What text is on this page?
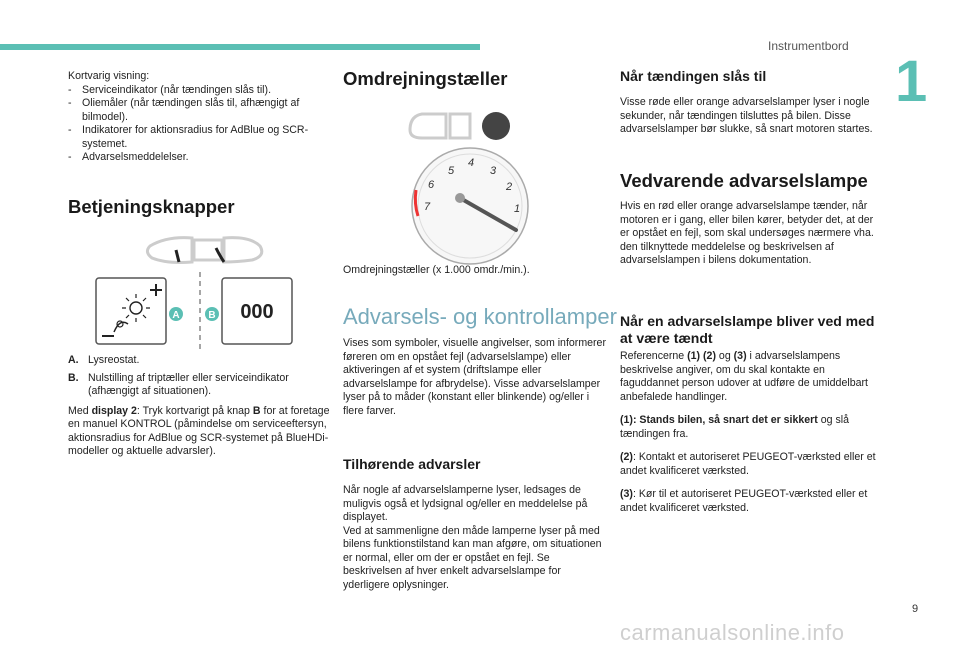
Instrumentbord
1

Kortvarig visning:

- Serviceindikator (når tændingen slås til).
- Oliemåler (når tændingen slås til, afhængigt af bilmodel).
- Indikatorer for aktionsradius for AdBlue og SCR-systemet.
- Advarselsmeddelelser.
Betjeningsknapper
A	B 000
A. Lysreostat.
B. Nulstilling af triptæller eller serviceindikator (afhængigt af situationen).

Med display 2: Tryk kortvarigt på knap B for at foretage en manuel KONTROL (påmindelse om serviceeftersyn, aktionsradius for AdBlue og SCR-systemet på BlueHDi-modeller og aktuelle advarsler).

Omdrejningstæller
5
4
3
2
1
6
7

Omdrejningstæller (x 1.000 omdr./min.).

Advarsels- og kontrollamper

Vises som symboler, visuelle angivelser, som informerer føreren om en opstået fejl (advarselslampe) eller aktiveringen af et system (driftslampe eller advarselslampe for afbrydelse). Visse advarselslamper lyser på to måder (konstant eller blinkende) og/eller i flere farver.

Tilhørende advarsler

Når nogle af advarselslamperne lyser, ledsages de muligvis også et lydsignal og/eller en meddelelse på displayet.

Ved at sammenligne den måde lamperne lyser på med bilens funktionstilstand kan man afgøre, om situationen er normal, eller om der er opstået en fejl. Se beskrivelsen af hver enkelt advarselslampe for yderligere oplysninger.

Når tændingen slås til

Visse røde eller orange advarselslamper lyser i nogle sekunder, når tændingen tilsluttes på bilen. Disse advarselslamper bør slukke, så snart motoren startes.

Vedvarende advarselslampe

Hvis en rød eller orange advarselslampe tænder, når motoren er i gang, eller bilen kører, betyder det, at der er opstået en fejl, som skal undersøges nærmere vha. den tilknyttede meddelelse og beskrivelsen af advarselslampen i bilens dokumentation.

Når en advarselslampe bliver ved med at være tændt

Referencerne (1) (2) og (3) i advarselslampens beskrivelse angiver, om du skal kontakte en faguddannet person udover at udføre de umiddelbart anbefalede handlinger.

(1): Stands bilen, så snart det er sikkert og slå tændingen fra.

(2): Kontakt et autoriseret PEUGEOT-værksted eller et andet kvalificeret værksted.

(3): Kør til et autoriseret PEUGEOT-værksted eller et andet kvalificeret værksted.

9
carmanualsonline.info
